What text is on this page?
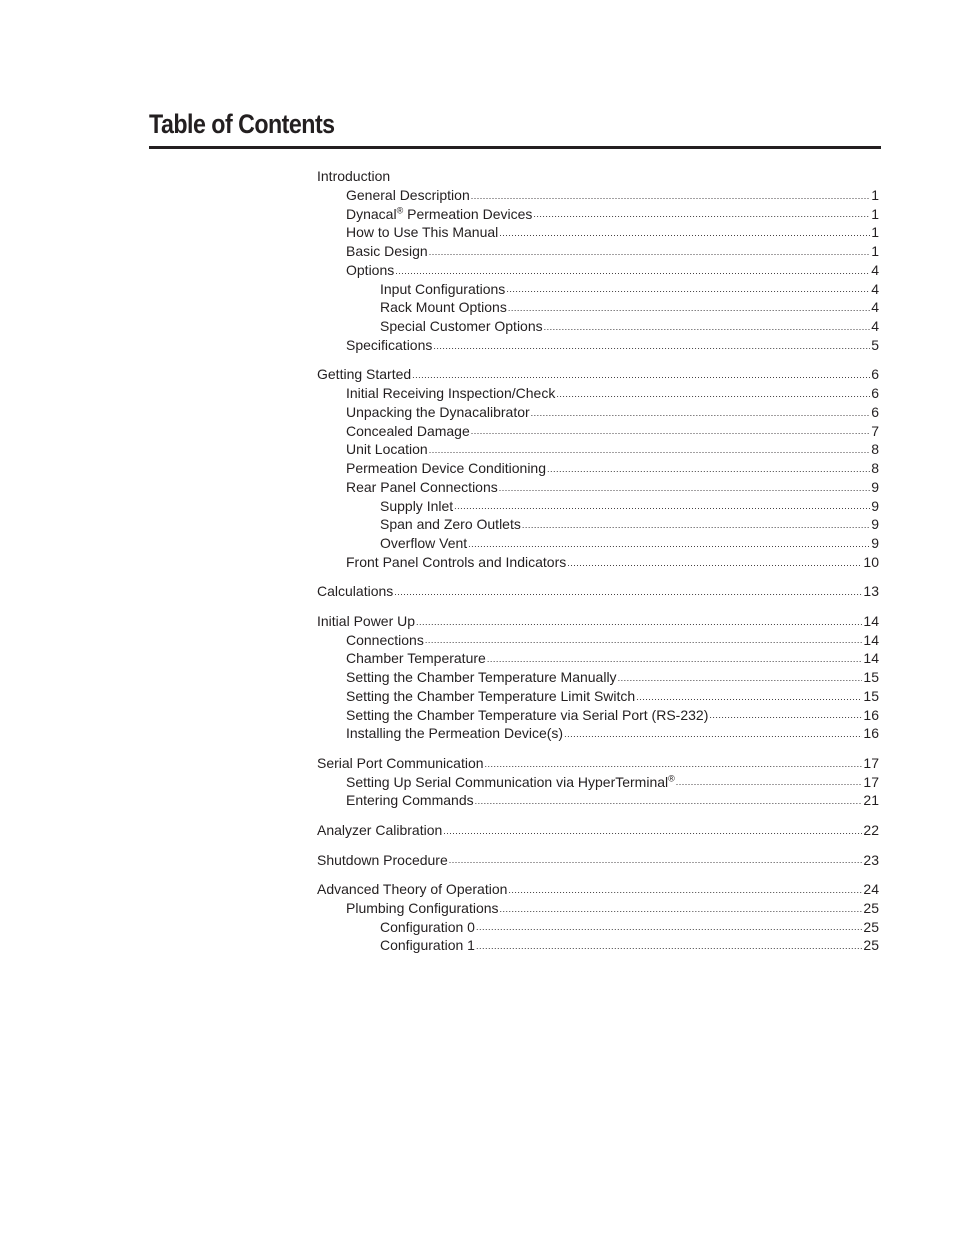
Table of Contents
Introduction
General Description .....	1
Dynacal® Permeation Devices .....	1
How to Use This Manual .....	1
Basic Design .....	1
Options .....	4
Input Configurations .....	4
Rack Mount Options .....	4
Special Customer Options .....	4
Specifications .....	5
Getting Started .....	6
Initial Receiving Inspection/Check .....	6
Unpacking the Dynacalibrator .....	6
Concealed Damage .....	7
Unit Location .....	8
Permeation Device Conditioning .....	8
Rear Panel Connections .....	9
Supply Inlet .....	9
Span and Zero Outlets .....	9
Overflow Vent .....	9
Front Panel Controls and Indicators .....	10
Calculations .....	13
Initial Power Up .....	14
Connections .....	14
Chamber Temperature .....	14
Setting the Chamber Temperature Manually .....	15
Setting the Chamber Temperature Limit Switch .....	15
Setting the Chamber Temperature via Serial Port (RS-232) .....	16
Installing the Permeation Device(s) .....	16
Serial Port Communication .....	17
Setting Up Serial Communication via HyperTerminal® .....	17
Entering Commands .....	21
Analyzer Calibration .....	22
Shutdown Procedure .....	23
Advanced Theory of Operation .....	24
Plumbing Configurations .....	25
Configuration 0 .....	25
Configuration 1 .....	25
